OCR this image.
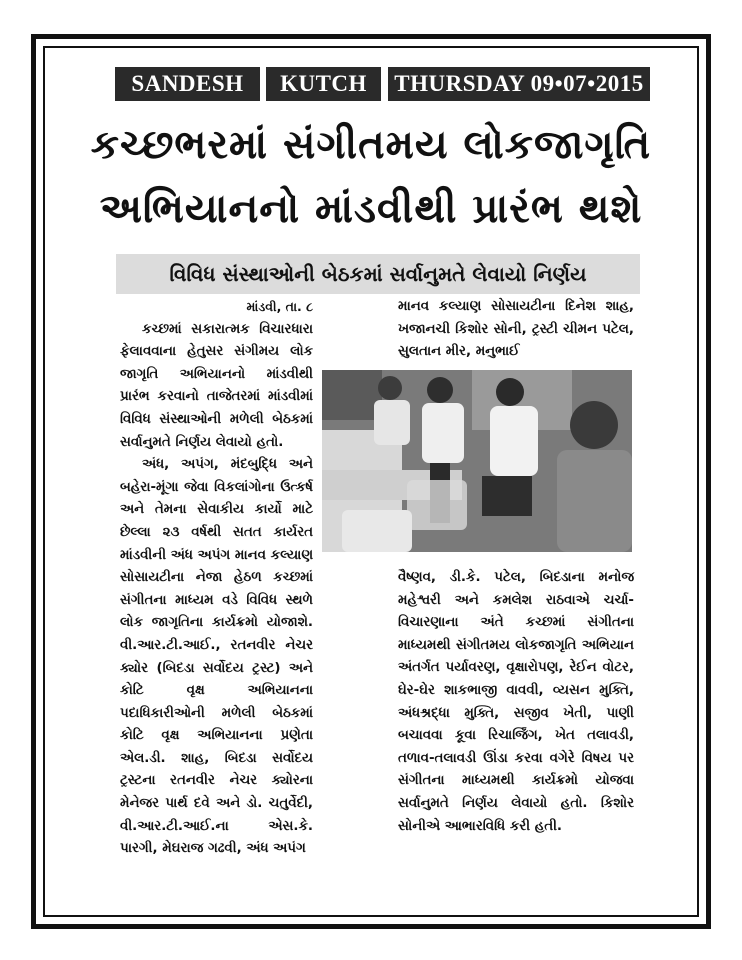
SANDESH	KUTCH	THURSDAY 09•07•2015
કચ્છભરમાં સંગીતમય લોકજાગૃતિ
અભિયાનનો માંડવીથી પ્રારંભ થશે
વિવિધ સંસ્થાઓની બેઠકમાં સર્વાનુમતે લેવાયો નિર્ણય

માંડવી, તા. ૮

કચ્છમાં સકારાત્મક વિચારધારા ફેલાવવાના હેતુસર સંગીમય લોક જાગૃતિ અભિયાનનો માંડવીથી પ્રારંભ કરવાનો તાજેતરમાં માંડવીમાં વિવિધ સંસ્થાઓની મળેલી બેઠકમાં સર્વાનુમતે નિર્ણય લેવાયો હતો.

અંધ, અપંગ, મંદબુદ્ધિ અને બહેરા-મૂંગા જેવા વિકલાંગોના ઉત્કર્ષ અને તેમના સેવાકીય કાર્યો માટે છેલ્લા ૨૩ વર્ષથી સતત કાર્યરત માંડવીની અંધ અપંગ માનવ કલ્યાણ સોસાયટીના નેજા હેઠળ કચ્છમાં સંગીતના માધ્યમ વડે વિવિધ સ્થળે લોક જાગૃતિના કાર્યક્રમો યોજાશે. વી.આર.ટી.આઈ., રતનવીર નેચર ક્યોર (બિદડા સર્વોદય ટ્રસ્ટ) અને કોટિ વૃક્ષ અભિયાનના પદાધિકારીઓની મળેલી બેઠકમાં કોટિ વૃક્ષ અભિયાનના પ્રણેતા એલ.ડી. શાહ, બિદડા સર્વોદય ટ્રસ્ટના રતનવીર નેચર ક્યોરના મેનેજર પાર્થ દવે અને ડો. ચતુર્વેદી, વી.આર.ટી.આઈ.ના એસ.કે. પારગી, મેઘરાજ ગઢવી, અંધ અપંગ

માનવ કલ્યાણ સોસાયટીના દિનેશ શાહ, ખજાનચી કિશોર સોની, ટ્રસ્ટી ચીમન પટેલ, સુલતાન મીર, મનુભાઈ

વૈષ્ણવ, ડી.કે. પટેલ, બિદડાના મનોજ મહેશ્વરી અને કમલેશ રાઠવાએ ચર્ચા-વિચારણાના અંતે કચ્છમાં સંગીતના માધ્યમથી સંગીતમય લોકજાગૃતિ અભિયાન અંતર્ગત પર્યાવરણ, વૃક્ષારોપણ, રેઈન વોટર, ઘેર-ઘેર શાકભાજી વાવવી, વ્યસન મુક્તિ, અંધશ્રદ્ધા મુક્તિ, સજીવ ખેતી, પાણી બચાવવા કૂવા રિચાર્જિંગ, ખેત તલાવડી, તળાવ-તલાવડી ઊંડા કરવા વગેરે વિષય પર સંગીતના માધ્યમથી કાર્યક્રમો યોજવા સર્વાનુમતે નિર્ણય લેવાયો હતો. કિશોર સોનીએ આભારવિધિ કરી હતી.
